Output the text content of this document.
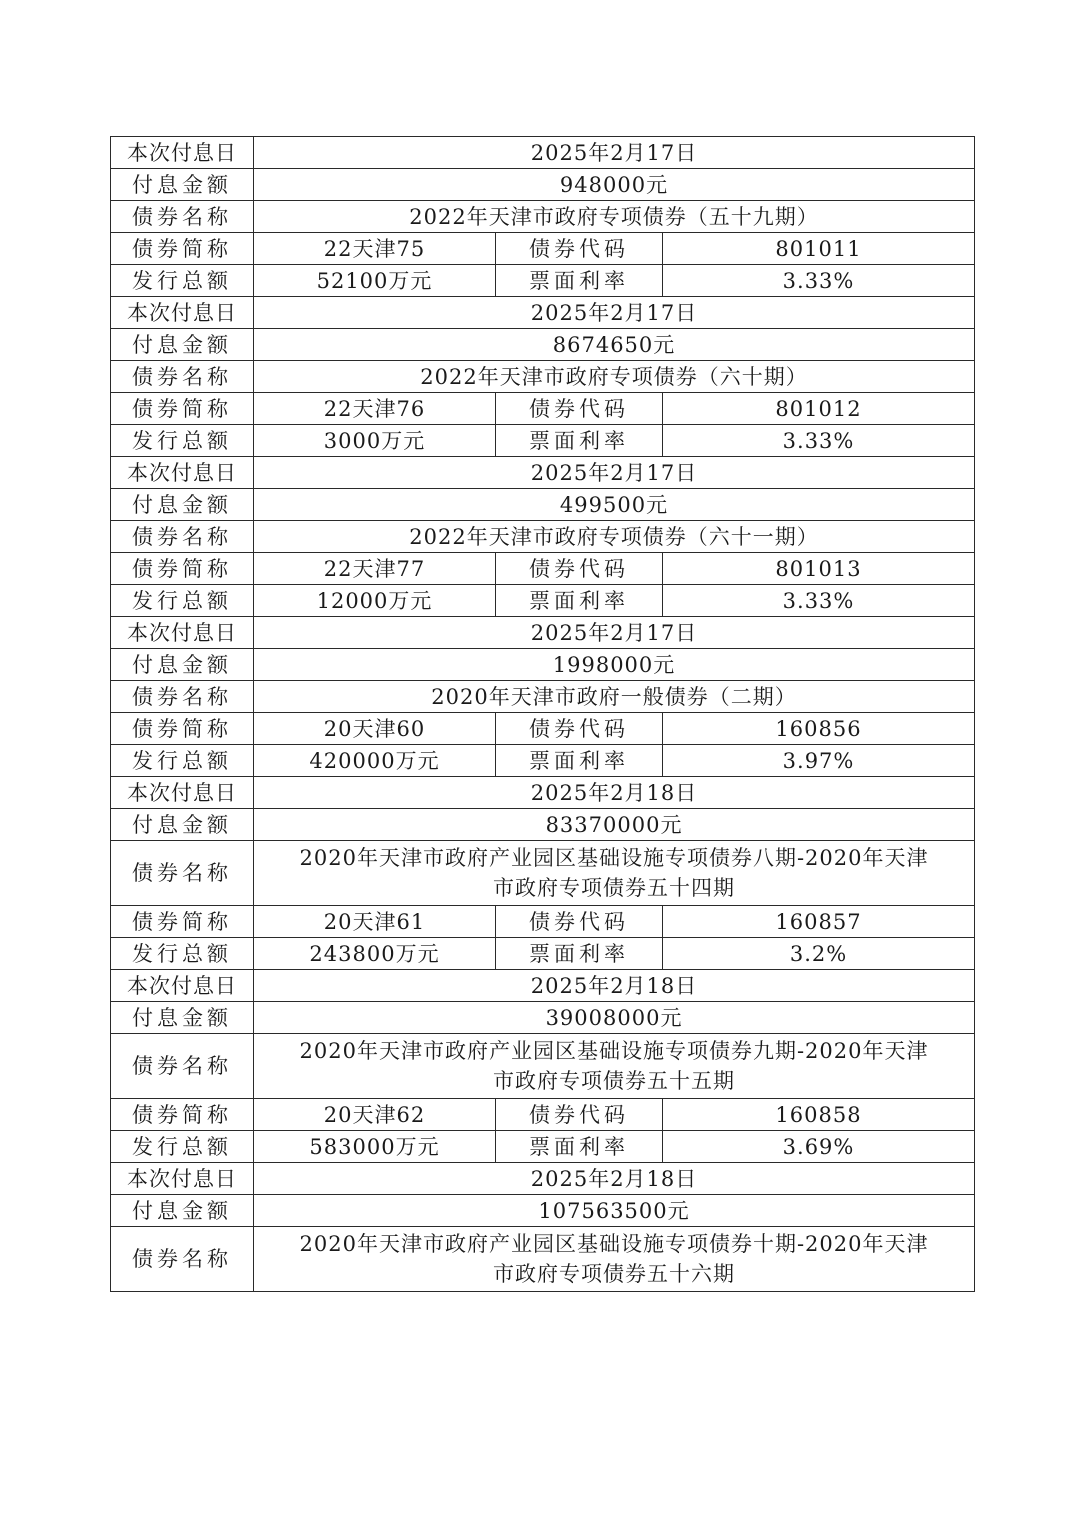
本次付息日	2025年2月17日		
付息金额	948000元		
债券名称	2022年天津市政府专项债券（五十九期）		
债券简称	22天津75	债券代码	801011
发行总额	52100万元	票面利率	3.33%
本次付息日	2025年2月17日		
付息金额	8674650元		
债券名称	2022年天津市政府专项债券（六十期）		
债券简称	22天津76	债券代码	801012
发行总额	3000万元	票面利率	3.33%
本次付息日	2025年2月17日		
付息金额	499500元		
债券名称	2022年天津市政府专项债券（六十一期）		
债券简称	22天津77	债券代码	801013
发行总额	12000万元	票面利率	3.33%
本次付息日	2025年2月17日		
付息金额	1998000元		
债券名称	2020年天津市政府一般债券（二期）		
债券简称	20天津60	债券代码	160856
发行总额	420000万元	票面利率	3.97%
本次付息日	2025年2月18日		
付息金额	83370000元		
债券名称	2020年天津市政府产业园区基础设施专项债券八期-2020年天津
市政府专项债券五十四期		

债券简称	20天津61	债券代码	160857
发行总额	243800万元	票面利率	3.2%
本次付息日	2025年2月18日		
付息金额	39008000元		
债券名称	2020年天津市政府产业园区基础设施专项债券九期-2020年天津
市政府专项债券五十五期		

债券简称	20天津62	债券代码	160858
发行总额	583000万元	票面利率	3.69%
本次付息日	2025年2月18日		
付息金额	107563500元		
债券名称	2020年天津市政府产业园区基础设施专项债券十期-2020年天津
市政府专项债券五十六期		
